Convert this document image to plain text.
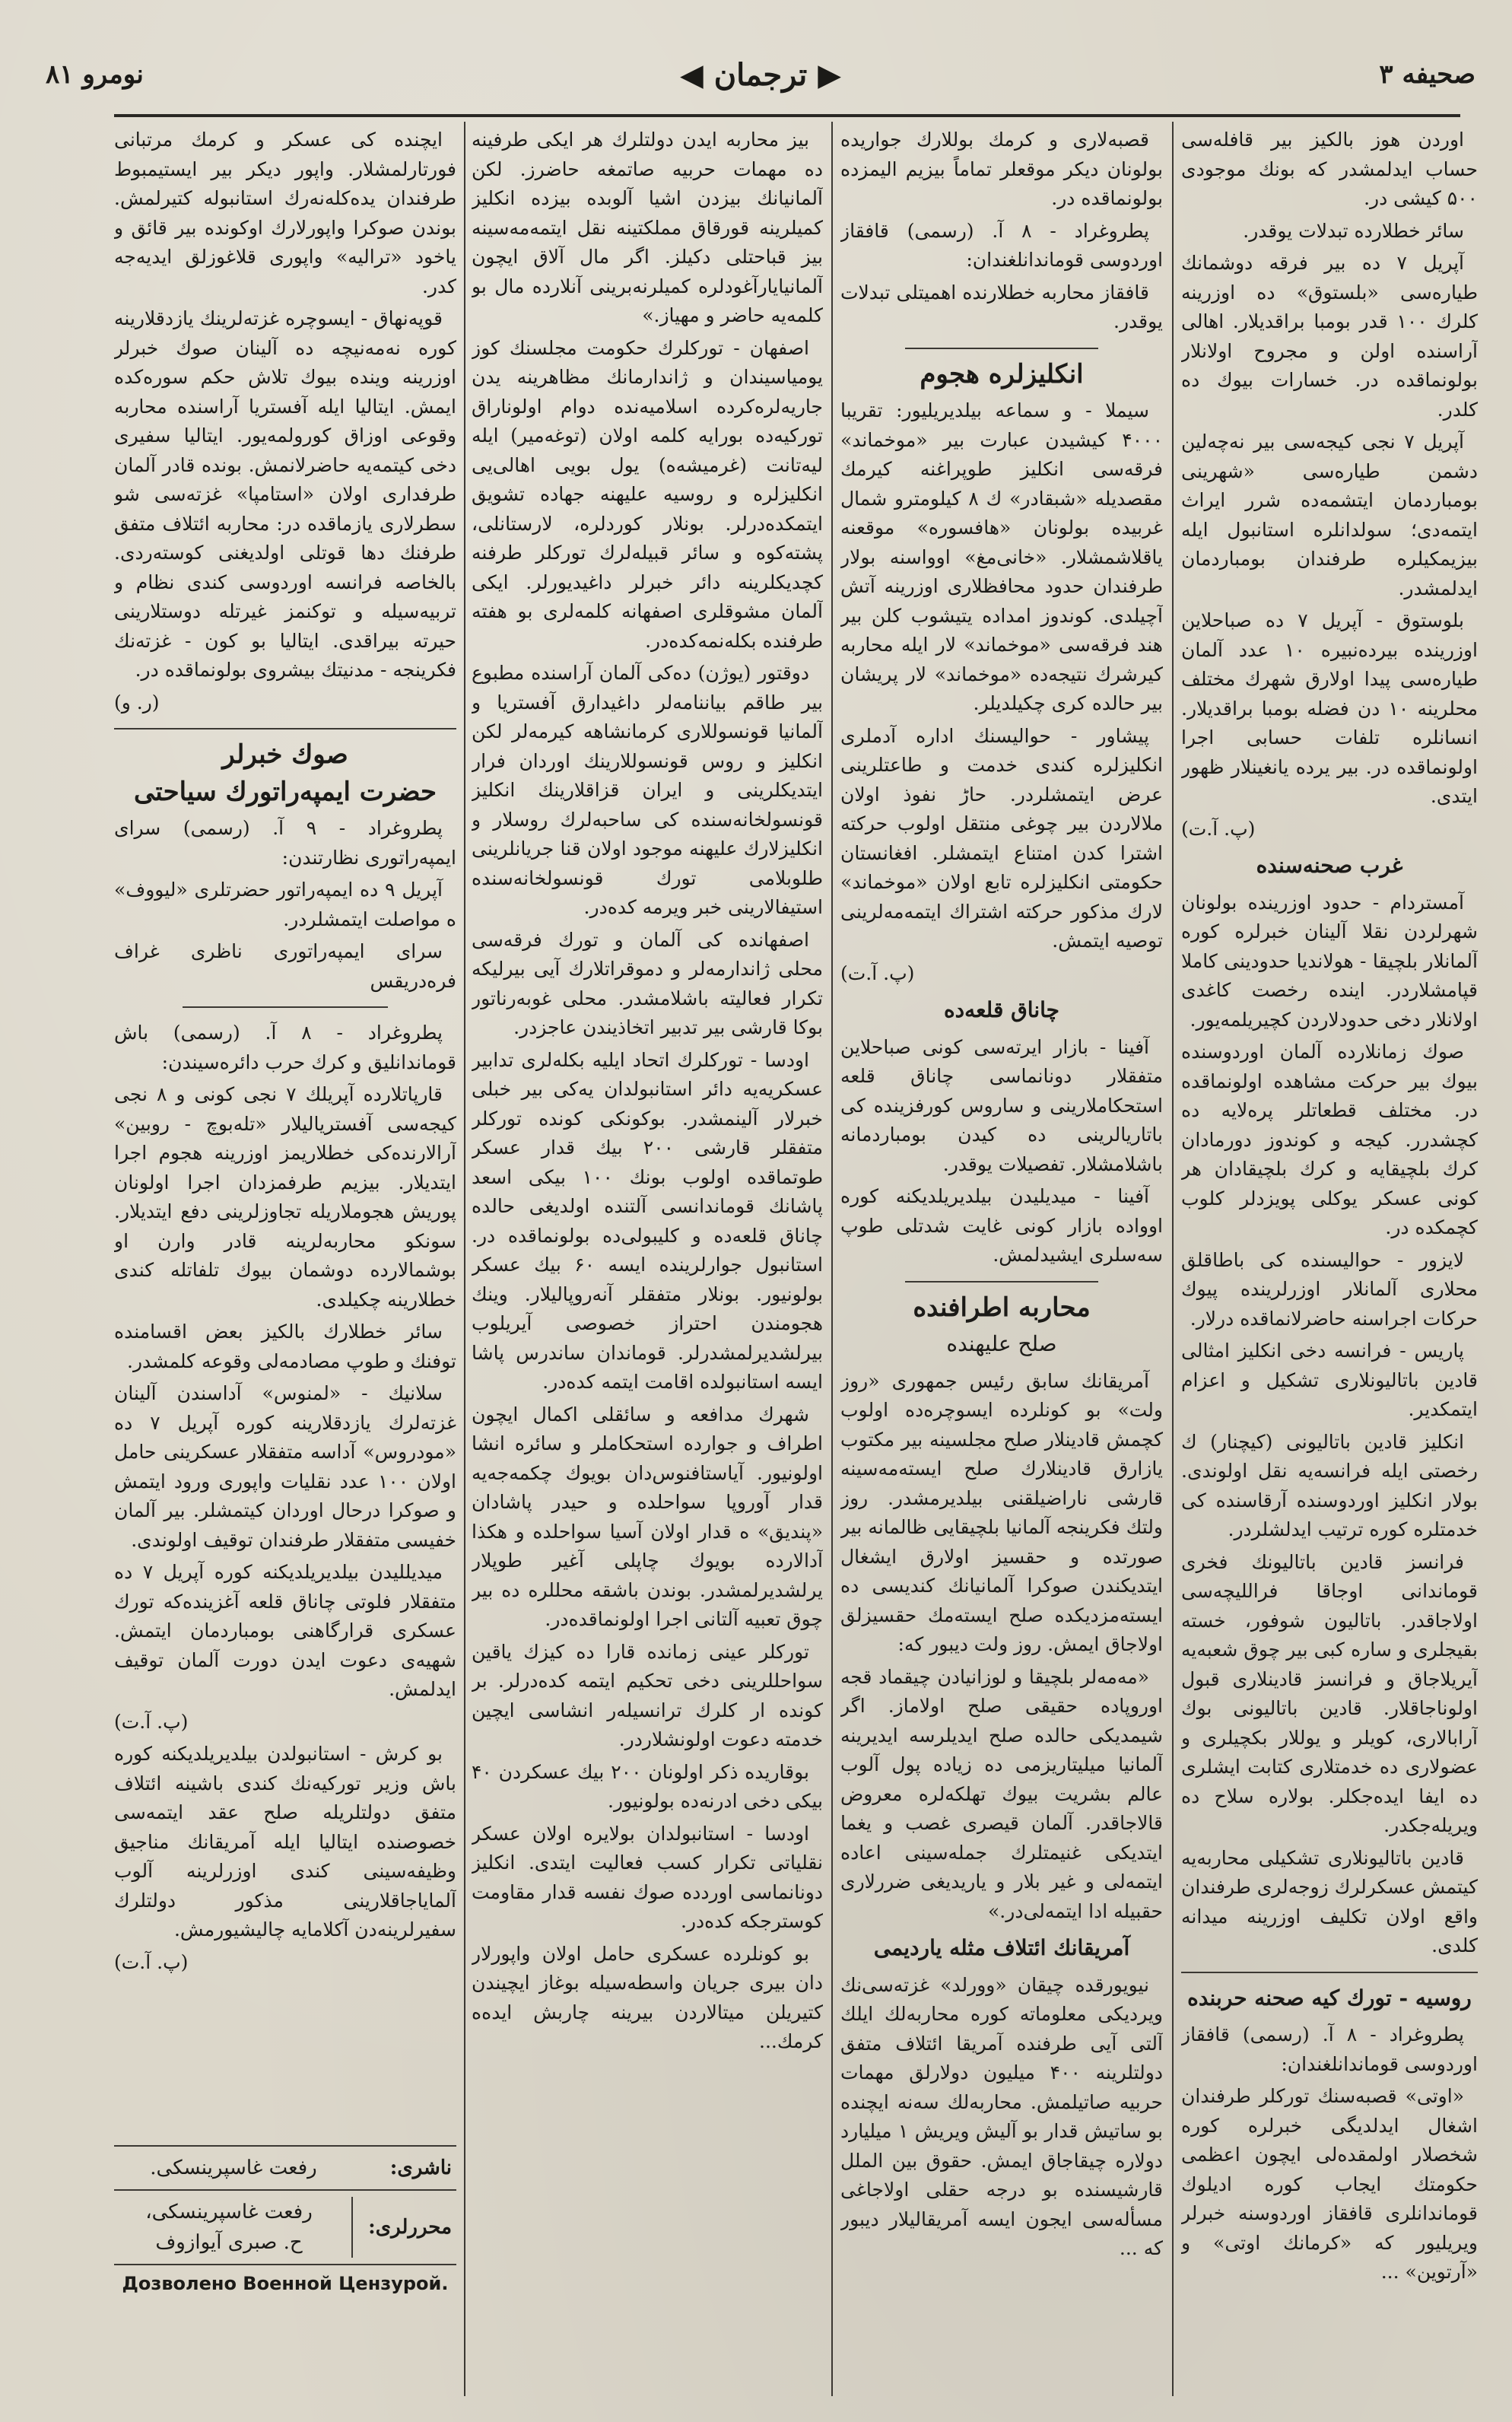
نومرو ۸۱	◀ ترجمان ▶	صحیفه ۳

اوردن هوز بالکیز بیر قافله‌سی حساب ایدلمشدر که بونك موجودی ۵۰۰ کیشی در.

سائر خطلارده تبدلات یوقدر.

آپریل ۷ ده بیر فرقه دوشمانك طیاره‌سی «بلستوق» ده اوزرینه کلرك ۱۰۰ قدر بومبا براقدیلار. اهالی آراسنده اولن و مجروح اولانلار بولونماقده در. خسارات بیوك ده کلدر.

آپریل ۷ نجی کیجه‌سی بیر نه‌چه‌لین دشمن طیاره‌سی «شهرینی بومباردمان ایتشمه‌ده شرر ایراث ایتمه‌دی؛ سولدانلره استانبول ایله بیزیمکیلره طرفندان بومباردمان ایدلمشدر.

بلوستوق - آپریل ۷ ده صباحلاین اوزرینده بیرده‌نبیره ۱۰ عدد آلمان طیاره‌سی پیدا اولارق شهرك مختلف محلرینه ۱۰ دن فضله بومبا براقدیلار. انسانلره تلفات حسابی اجرا اولونماقده در. بیر یرده یانغینلار ظهور ایتدی.

(پ. آ.ت)

غرب صحنه‌سنده

آمستردام - حدود اوزرینده بولونان شهرلردن نقلا آلینان خبرلره کوره آلمانلار بلچیقا - هولاندیا حدودینی کاملا قپامشلاردر. اینده رخصت کاغدی اولانلار دخی حدودلاردن کچیریلمه‌یور.

صوك زمانلارده آلمان اوردوسنده بیوك بیر حرکت مشاهده اولونماقده در. مختلف قطعاتلر پره‌لایه ده کچشدرر. کیجه و کوندوز دورمادان کرك بلچیقایه و کرك بلچیقادان هر کونی عسکر یوکلی پویزدلر کلوب کچمکده در.

لایزور - حوالیسنده کی باطاقلق محلاری آلمانلار اوزرلرینده پیوك حرکات اجراسنه حاضرلانماقده درلار.

پاریس - فرانسه دخی انکلیز امثالی قادین باتالیونلاری تشکیل و اعزام ایتمکدیر.

انکلیز قادین باتالیونی (کیچنار) ك رخصتی ایله فرانسه‌یه نقل اولوندی. بولار انکلیز اوردوسنده آرقاسنده کی خدمتلره کوره ترتیب ایدلشلردر.

فرانسز قادین باتالیونك فخری قوماندانی اوجاقا فراللیچه‌سی اولاجاقدر. باتالیون شوفور، خسته بقیجلری و ساره کبی بیر چوق شعبه‌یه آیریلاجاق و فرانسز قادینلاری قبول اولوناجاقلار. قادین باتالیونی بوك آرابالاری، کویلر و یوللار بکچیلری و عضولاری ده خدمتلاری کتابت ایشلری ده ایفا ایده‌جکلر. بولاره سلاح ده ویریله‌جکدر.

قادین باتالیونلاری تشکیلی محاربه‌یه کیتمش عسکرلرك زوجه‌لری طرفندان واقع اولان تکلیف اوزرینه میدانه کلدی.

روسیه - تورك کیه صحنه حربنده

پطروغراد - ۸ آ. (رسمی) قافقاز اوردوسی قوماندانلغندان:

«اوتی» قصبه‌سنك تورکلر طرفندان اشغال ایدلدیگی خبرلره کوره شخصلار اولمقده‌لی ایچون اعظمی حکومتك ایجاب کوره ادیلوك قوماندانلری قافقاز اوردوسنه خبرلر ویریلیور که «کرمانك اوتی» و «آرتوین» ...

قصبه‌لاری و کرمك بوللارك جواریده بولونان دیکر موقعلر تماماً بیزیم الیمزده بولونماقده در.

پطروغراد - ۸ آ. (رسمی) قافقاز اوردوسی قوماندانلغندان:

قافقاز محاربه خطلارنده اهمیتلی تبدلات یوقدر.

انکلیزلره هجوم

سیملا - و سماعه بیلدیریلیور: تقریبا ۴۰۰۰ کیشیدن عبارت بیر «موخماند» فرقه‌سی انکلیز طوپراغنه کیرمك مقصدیله «شبقادر» ك ۸ کیلومترو شمال غربیده بولونان «هافسوره» موقعنه یاقلاشمشلار. «خانی‌مغ» اوواسنه بولار طرفندان حدود محافظلاری اوزرینه آتش آچیلدی. کوندوز امداده یتیشوب کلن بیر هند فرقه‌سی «موخماند» لار ایله محاربه کیرشرك نتیجه‌ده «موخماند» لار پریشان بیر حالده کری چکیلدیلر.

پیشاور - حوالیسنك اداره آدملری انکلیزلره کندی خدمت و طاعتلرینی عرض ایتمشلردر. حاڑ نفوذ اولان ملالاردن بیر چوغی منتقل اولوب حرکته اشترا کدن امتناع ایتمشلر. افغانستان حکومتی انکلیزلره تابع اولان «موخماند» لارك مذکور حرکته اشتراك ایتمه‌مه‌لرینی توصیه ایتمش.

(پ. آ.ت)

چاناق قلعه‌ده

آفینا - بازار ایرته‌سی کونی صباحلاین متفقلار دونانماسی چاناق قلعه استحکاملارینی و ساروس کورفزینده کی باتاریالرینی ده کیدن بومباردمانه باشلامشلار. تفصیلات یوقدر.

آفینا - میدیلیدن بیلدیریلدیکنه کوره اوواده بازار کونی غایت شدتلی طوپ سه‌سلری ایشیدلمش.

محاربه اطرافنده
صلح علیهنده

آمریقانك سابق رئیس جمهوری «روز ولت» بو کونلرده ایسوچره‌ده اولوب کچمش قادینلار صلح مجلسینه بیر مکتوب یازارق قادینلارك صلح ایسته‌مه‌سینه قارشی ناراضیلقنی بیلدیرمشدر. روز ولتك فکرینجه آلمانیا بلچیقا‌یی ظالمانه بیر صورتده و حقسیز اولارق ایشغال ایتدیکندن صوکرا آلمانیانك کندیسی ده ایسته‌مزدیکده صلح ایسته‌مك حقسیزلق اولاجاق ایمش. روز ولت دیبور که:

«مه‌مه‌لر بلچیقا و لوزانیادن چیقماد قجه اوروپاده حقیقی صلح اولاماز. اگر شیمدیکی حالده صلح ایدیلرسه ایدیرینه آلمانیا میلیتاریزمی ده زیاده پول آلوب عالم بشریت بیوك تهلکه‌لره معروض قالاجاقدر. آلمان قیصری غصب و یغما ایتدیکی غنیمتلرك جمله‌سینی اعاده ایتمه‌لی و غیر بلار و یاریدیغی ضررلاری حقبیله ادا ایتمه‌لی‌در.»

آمریقانك ائتلاف مثله یاردیمی

نیویورقده چیقان «وورلد» غزته‌سی‌نك ویردیکی معلوماته کوره محاربه‌لك ایلك آلتی آیی طرفنده آمریقا ائتلاف متفق دولتلرینه ۴۰۰ میلیون دولارلق مهمات حربیه صاتیلمش. محاربه‌لك سه‌نه ایچنده بو ساتیش قدار بو آلیش ویریش ۱ میلیارد دولاره چیقاجاق ایمش. حقوق بین الملل قارشیسنده بو درجه حقلی اولاجاغی مسأله‌سی ایجون ایسه آمریقالیلار دیبور که ...

بیز محاربه ایدن دولتلرك هر ایکی طرفینه ده مهمات حربیه صاتمغه حاضرز. لکن آلمانیانك بیزدن اشیا آلوبده بیزده انکلیز کمیلرینه قورقاق مملکتینه نقل ایتمه‌مه‌سینه بیز قباحتلی دکیلز. اگر مال آلاق ایچون آلمانیا‌یارآغودلره کمیلرنه‌برینی آنلارده مال بو کلمه‌یه حاضر و مهیاز.»

اصفهان - تورکلرك حکومت مجلسنك کوز یومیاسیندان و ژاندارمانك مظاهرینه یدن جاریه‌لره‌کرده اسلامیه‌نده دوام اولوناراق تورکیه‌ده بورایه کلمه اولان (توغه‌میر) ایله لیه‌تانت (غرمیشه‌ه) یول بویی اهالی‌یی انکلیزلره و روسیه علیهنه جهاده تشویق ایتمکده‌درلر. بونلار کوردلره، لارستانلی، پشته‌کوه و سائر قبیله‌لرك تورکلر طرفنه کچدیکلرینه دائر خبرلر داغیدیورلر. ایکی آلمان مشوقلری اصفهانه کلمه‌لری بو هفته طرفنده بکله‌نمه‌کده‌در.

دوقتور (یوژن) ده‌کی آلمان آراسنده مطبوع بیر طاقم بیاننامه‌لر داغیدارق آفستریا و آلمانیا قونسوللاری کرمانشاهه کیرمه‌لر لکن انکلیز و روس قونسوللارینك اوردان فرار ایتدیکلرینی و ایران قزاقلارینك انکلیز قونسولخانه‌سنده کی ساحبه‌لرك روسلار و انکلیزلارك علیهنه موجود اولان قنا جریانلرینی طلوبلامی تورك قونسولخانه‌سنده استیفالارینی خبر ویرمه کده‌در.

اصفهانده کی آلمان و تورك فرقه‌سی محلی ژاندارمه‌لر و دموقراتلارك آیی بیرلیکه تکرار فعالیته باشلامشدر. محلی غوبه‌رناتور بوکا قارشی بیر تدبیر اتخاذیندن عاجزدر.

اودسا - تورکلرك اتحاد ایلیه بکله‌لری تدابیر عسکریه‌یه دائر استانبولدان یه‌کی بیر خبلی خبرلار آلینمشدر. بوکونکی کونده تورکلر متفقلر قارشی ۲۰۰ بیك قدار عسکر طوتماقده اولوب بونك ۱۰۰ بیکی اسعد پاشانك قوماندانسی آلتنده اولدیغی حالده چاناق قلعه‌ده و کلیبولی‌ده بولونماقده در. استانبول جوارلرینده ایسه ۶۰ بیك عسکر بولونیور. بونلار متفقلر آنه‌روپالیلار. وینك هجومندن احتراز خصوصی آیریلوب بیرلشدیرلمشدرلر. قوماندان ساندرس پاشا ایسه استانبولده اقامت ایتمه کده‌در.

شهرك مدافعه و سائقلی اکمال ایچون اطراف و جوارده استحکاملر و سائره انشا اولونیور. آیاستافنوس‌دان بویوك چکمه‌جه‌یه قدار آوروپا سواحلده و حیدر پاشادان «پندیق» ه قدار اولان آسیا سواحلده و هکذا آدالارده بویوك چاپلی آغیر طوپلار یرلشدیرلمشدر. بوندن باشقه محللره ده بیر چوق تعبیه آلتانی اجرا اولونماقده‌در.

تورکلر عینی زمانده قارا ده کیزك یاقین سواحللرینی دخی تحکیم ایتمه کده‌درلر. بر کونده ار کلرك ترانسیله‌ر انشاسی ایچین خدمته دعوت اولونشلاردر.

بوقاریده ذکر اولونان ۲۰۰ بیك عسکردن ۴۰ بیکی دخی ادرنه‌ده بولونیور.

اودسا - استانبولدان بولایره اولان عسکر نقلیاتی تکرار کسب فعالیت ایتدی. انکلیز دونانماسی اوردده صوك نفسه قدار مقاومت کوسترجکه کده‌در.

بو کونلرده عسکری حامل اولان واپورلار دان بیری جریان واسطه‌سیله بوغاز ایچیندن کتیریلن میتالاردن بیرینه چاربش ایده‌ه کرمك...

ایچنده کی عسکر و کرمك مرتبانی فورتارلمشلار. واپور دیکر بیر ایستیمبوط طرفندان یده‌کله‌نه‌رك استانبوله کتیرلمش. بوندن صوکرا واپورلارك اوکونده بیر قائق و یاخود «ترالیه» واپوری قلاغوزلق ایدیه‌جه کدر.

قوپه‌نهاق - ایسوچره غزته‌لرینك یازدقلارینه کوره نه‌مه‌نیچه ده آلینان صوك خبرلر اوزرینه وینده بیوك تلاش حکم سوره‌کده ایمش. ایتالیا ایله آفستریا آراسنده محاربه وقوعی اوزاق کورولمه‌یور. ایتالیا سفیری دخی کیتمه‌یه حاضرلانمش. بونده قادر آلمان طرفداری اولان «استامپا» غزته‌سی شو سطرلاری یازماقده در: محاربه ائتلاف متفق طرفنك دها قوتلی اولدیغنی کوسته‌ردی. بالخاصه فرانسه اوردوسی کندی نظام و تربیه‌سیله و توکنمز غیرتله دوستلارینی حیرته بیراقدی. ایتالیا بو کون - غزته‌نك فکرینجه - مدنیتك بیشروی بولونماقده در.

(ر. و)

صوك خبرلر
حضرت ایمپه‌راتورك سیاحتی

پطروغراد - ۹ آ. (رسمی) سرای ایمپه‌راتوری نظارتندن:

آپریل ۹ ده ایمپه‌راتور حضرتلری «لیووف» ه مواصلت ایتمشلردر.

سرای ایمپه‌راتوری ناظری غراف فره‌دریقس

پطروغراد - ۸ آ. (رسمی) باش قوماندانلیق و کرك حرب دائره‌سیندن:

قارپاتلارده آپریلك ۷ نجی کونی و ۸ نجی کیجه‌سی آفستریالیلار «تله‌بوچ - روبین» آرالارنده‌کی خطلاریمز اوزرینه هجوم اجرا ایتدیلار. بیزیم طرفمزدان اجرا اولونان پوریش هجوملاریله تجاوزلرینی دفع ایتدیلار. سونکو محاربه‌لرینه قادر وارن او بوشمالارده دوشمان بیوك تلفاتله کندی خطلارینه چکیلدی.

سائر خطلارك بالکیز بعض اقسامنده توفنك و طوپ مصادمه‌لی وقوعه کلمشدر.

سلانیك - «لمنوس» آداسندن آلینان غزته‌لرك یازدقلارینه کوره آپریل ۷ ده «مودروس» آداسه متفقلار عسکرینی حامل اولان ۱۰۰ عدد نقلیات واپوری ورود ایتمش و صوکرا درحال اوردان کیتمشلر. بیر آلمان خفیسی متفقلار طرفندان توقیف اولوندی.

میدیللیدن بیلدیریلدیکنه کوره آپریل ۷ ده متفقلار فلوتی چاناق قلعه آغزینده‌که تورك عسکری قرارگاهنی بومباردمان ایتمش. شهیه‌ی دعوت ایدن دورت آلمان توقیف ایدلمش.

(پ. آ.ت)

بو کرش - استانبولدن بیلدیریلدیکنه کوره باش وزیر تورکیه‌نك کندی باشینه ائتلاف متفق دولتلریله صلح عقد ایتمه‌سی خصوصنده ایتالیا ایله آمریقانك مناجیق وظیفه‌سینی کندی اوزرلرینه آلوب آلمایاجاقلارینی مذکور دولتلرك سفیرلرینه‌دن آکلامایه چالیشیورمش.

(پ. آ.ت)

ناشری:
رفعت غاسپرینسکی.
محررلری:
رفعت غاسپرینسکی،
ح. صبری آیوازوف
Дозволено Военной Цензурой.
